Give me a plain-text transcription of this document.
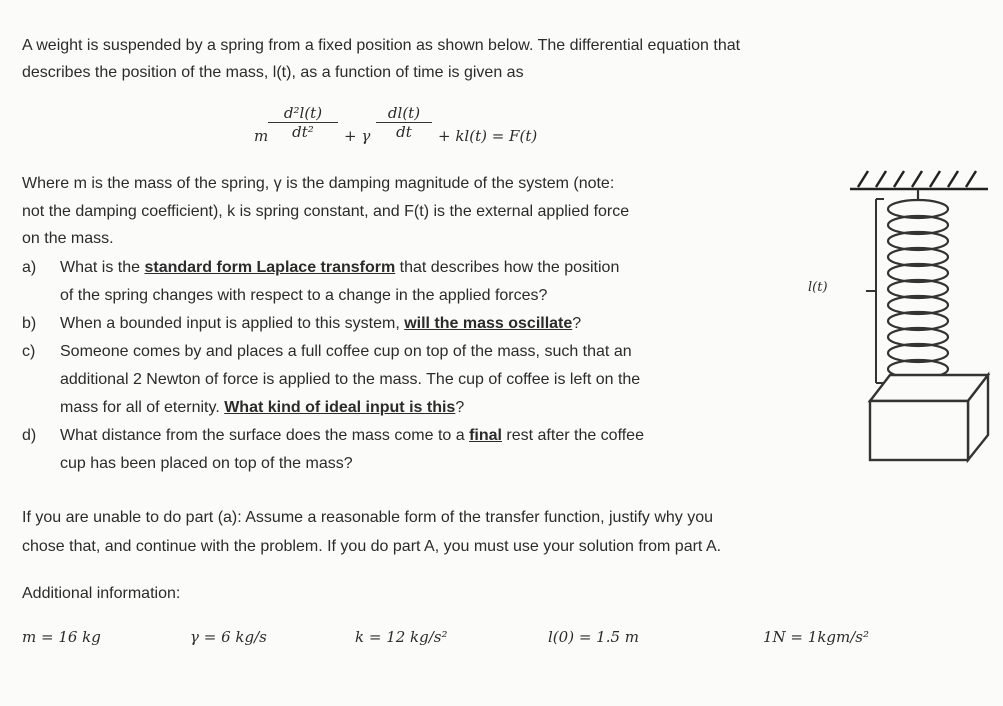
A weight is suspended by a spring from a fixed position as shown below. The differential equation that
describes the position of the mass, l(t), as a function of time is given as
m $\frac{\text{d²l(t)}}{\text{dt²}} + \gamma \frac{dl(t)}{dt} + kl(t) = F(t)$
Where m is the mass of the spring, γ is the damping magnitude of the system (note:
not the damping coefficient), k is spring constant, and F(t) is the external applied force
on the mass.
a) What is the standard form Laplace transform that describes how the position
of the spring changes with respect to a change in the applied forces?
b) When a bounded input is applied to this system, will the mass oscillate?
c) Someone comes by and places a full coffee cup on top of the mass, such that an
additional 2 Newton of force is applied to the mass. The cup of coffee is left on the
mass for all of eternity. What kind of ideal input is this?
d) What distance from the surface does the mass come to a final rest after the coffee
cup has been placed on top of the mass?
If you are unable to do part (a): Assume a reasonable form of the transfer function, justify why you
chose that, and continue with the problem. If you do part A, you must use your solution from part A.
Additional information:
m = 16 kg	γ = 6 kg/s	k = 12 kg/s²	l(0) = 1.5 m	1N = 1kgm/s²
l(t)
